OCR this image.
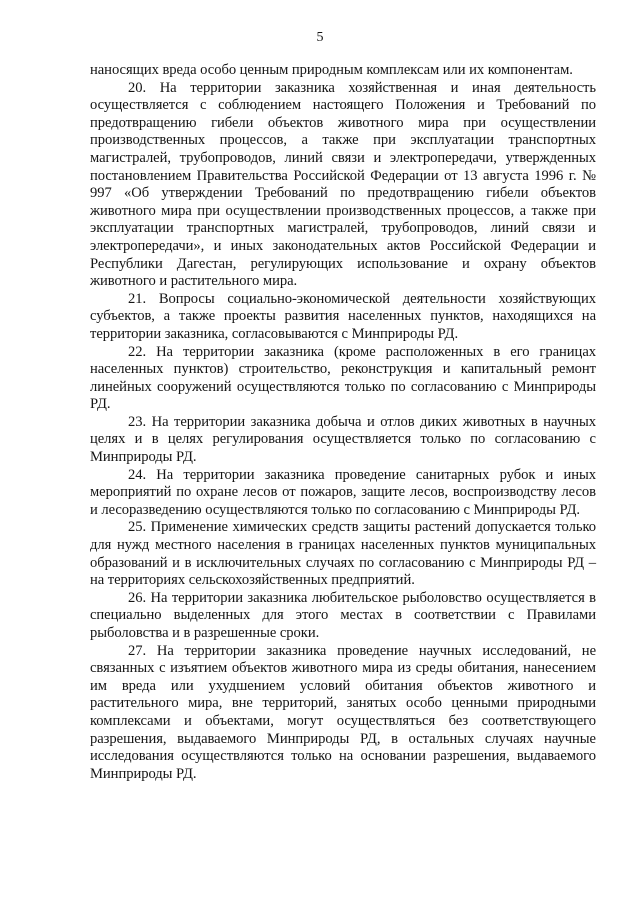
5

наносящих вреда особо ценным природным комплексам или их компонентам.

20. На территории заказника хозяйственная и иная деятельность осуществляется с соблюдением настоящего Положения и Требований по предотвращению гибели объектов животного мира при осуществлении производственных процессов, а также при эксплуатации транспортных магистралей, трубопроводов, линий связи и электропередачи, утвержденных постановлением Правительства Российской Федерации от 13 августа 1996 г. № 997 «Об утверждении Требований по предотвращению гибели объектов животного мира при осуществлении производственных процессов, а также при эксплуатации транспортных магистралей, трубопроводов, линий связи и электропередачи», и иных законодательных актов Российской Федерации и Республики Дагестан, регулирующих использование и охрану объектов животного и растительного мира.

21. Вопросы социально-экономической деятельности хозяйствующих субъектов, а также проекты развития населенных пунктов, находящихся на территории заказника, согласовываются с Минприроды РД.

22. На территории заказника (кроме расположенных в его границах населенных пунктов) строительство, реконструкция и капитальный ремонт линейных сооружений осуществляются только по согласованию с Минприроды РД.

23. На территории заказника добыча и отлов диких животных в научных целях и в целях регулирования осуществляется только по согласованию с Минприроды РД.

24. На территории заказника проведение санитарных рубок и иных мероприятий по охране лесов от пожаров, защите лесов, воспроизводству лесов и лесоразведению осуществляются только по согласованию с Минприроды РД.

25. Применение химических средств защиты растений допускается только для нужд местного населения в границах населенных пунктов муниципальных образований и в исключительных случаях по согласованию с Минприроды РД – на территориях сельскохозяйственных предприятий.

26. На территории заказника любительское рыболовство осуществляется в специально выделенных для этого местах в соответствии с Правилами рыболовства и в разрешенные сроки.

27. На территории заказника проведение научных исследований, не связанных с изъятием объектов животного мира из среды обитания, нанесением им вреда или ухудшением условий обитания объектов животного и растительного мира, вне территорий, занятых особо ценными природными комплексами и объектами, могут осуществляться без соответствующего разрешения, выдаваемого Минприроды РД, в остальных случаях научные исследования осуществляются только на основании разрешения, выдаваемого Минприроды РД.
